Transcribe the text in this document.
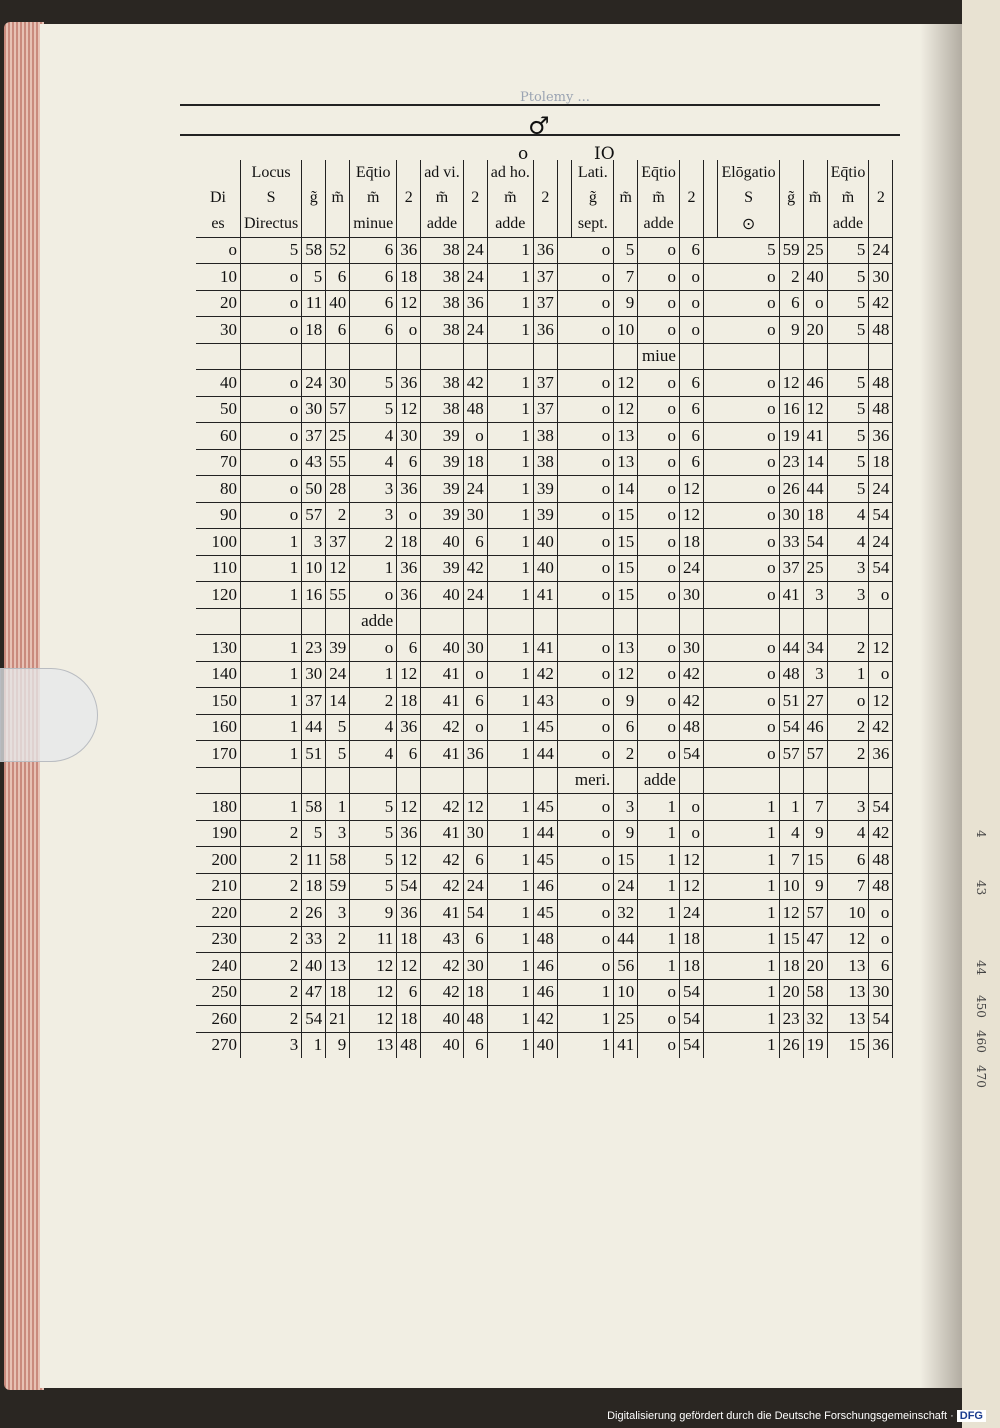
4
43
44
450
460
470
Ptolemy ...
♂
o	IO
	Locus			Eq̄tio		ad vi.		ad ho.			Lati.		Eq̄tio			Elōgatio			Eq̄tio	
Di	S	g̃	m̃	m̃	2	m̃	2	m̃	2		g̃	m̃	m̃	2		S	g̃	m̃	m̃	2
es	Directus			minue		adde		adde			sept.		adde			⊙			adde	
o	5	58	52	6	36	38	24	1	36		o	5	o	6		5	59	25	5	24
10	o	5	6	6	18	38	24	1	37		o	7	o	o		o	2	40	5	30
20	o	11	40	6	12	38	36	1	37		o	9	o	o		o	6	o	5	42
30	o	18	6	6	o	38	24	1	36		o	10	o	o		o	9	20	5	48
													miue							
40	o	24	30	5	36	38	42	1	37		o	12	o	6		o	12	46	5	48
50	o	30	57	5	12	38	48	1	37		o	12	o	6		o	16	12	5	48
60	o	37	25	4	30	39	o	1	38		o	13	o	6		o	19	41	5	36
70	o	43	55	4	6	39	18	1	38		o	13	o	6		o	23	14	5	18
80	o	50	28	3	36	39	24	1	39		o	14	o	12		o	26	44	5	24
90	o	57	2	3	o	39	30	1	39		o	15	o	12		o	30	18	4	54
100	1	3	37	2	18	40	6	1	40		o	15	o	18		o	33	54	4	24
110	1	10	12	1	36	39	42	1	40		o	15	o	24		o	37	25	3	54
120	1	16	55	o	36	40	24	1	41		o	15	o	30		o	41	3	3	o
				adde																
130	1	23	39	o	6	40	30	1	41		o	13	o	30		o	44	34	2	12
140	1	30	24	1	12	41	o	1	42		o	12	o	42		o	48	3	1	o
150	1	37	14	2	18	41	6	1	43		o	9	o	42		o	51	27	o	12
160	1	44	5	4	36	42	o	1	45		o	6	o	48		o	54	46	2	42
170	1	51	5	4	6	41	36	1	44		o	2	o	54		o	57	57	2	36
											meri.		adde							
180	1	58	1	5	12	42	12	1	45		o	3	1	o		1	1	7	3	54
190	2	5	3	5	36	41	30	1	44		o	9	1	o		1	4	9	4	42
200	2	11	58	5	12	42	6	1	45		o	15	1	12		1	7	15	6	48
210	2	18	59	5	54	42	24	1	46		o	24	1	12		1	10	9	7	48
220	2	26	3	9	36	41	54	1	45		o	32	1	24		1	12	57	10	o
230	2	33	2	11	18	43	6	1	48		o	44	1	18		1	15	47	12	o
240	2	40	13	12	12	42	30	1	46		o	56	1	18		1	18	20	13	6
250	2	47	18	12	6	42	18	1	46		1	10	o	54		1	20	58	13	30
260	2	54	21	12	18	40	48	1	42		1	25	o	54		1	23	32	13	54
270	3	1	9	13	48	40	6	1	40		1	41	o	54		1	26	19	15	36
Digitalisierung gefördert durch die Deutsche Forschungsgemeinschaft · DFG
